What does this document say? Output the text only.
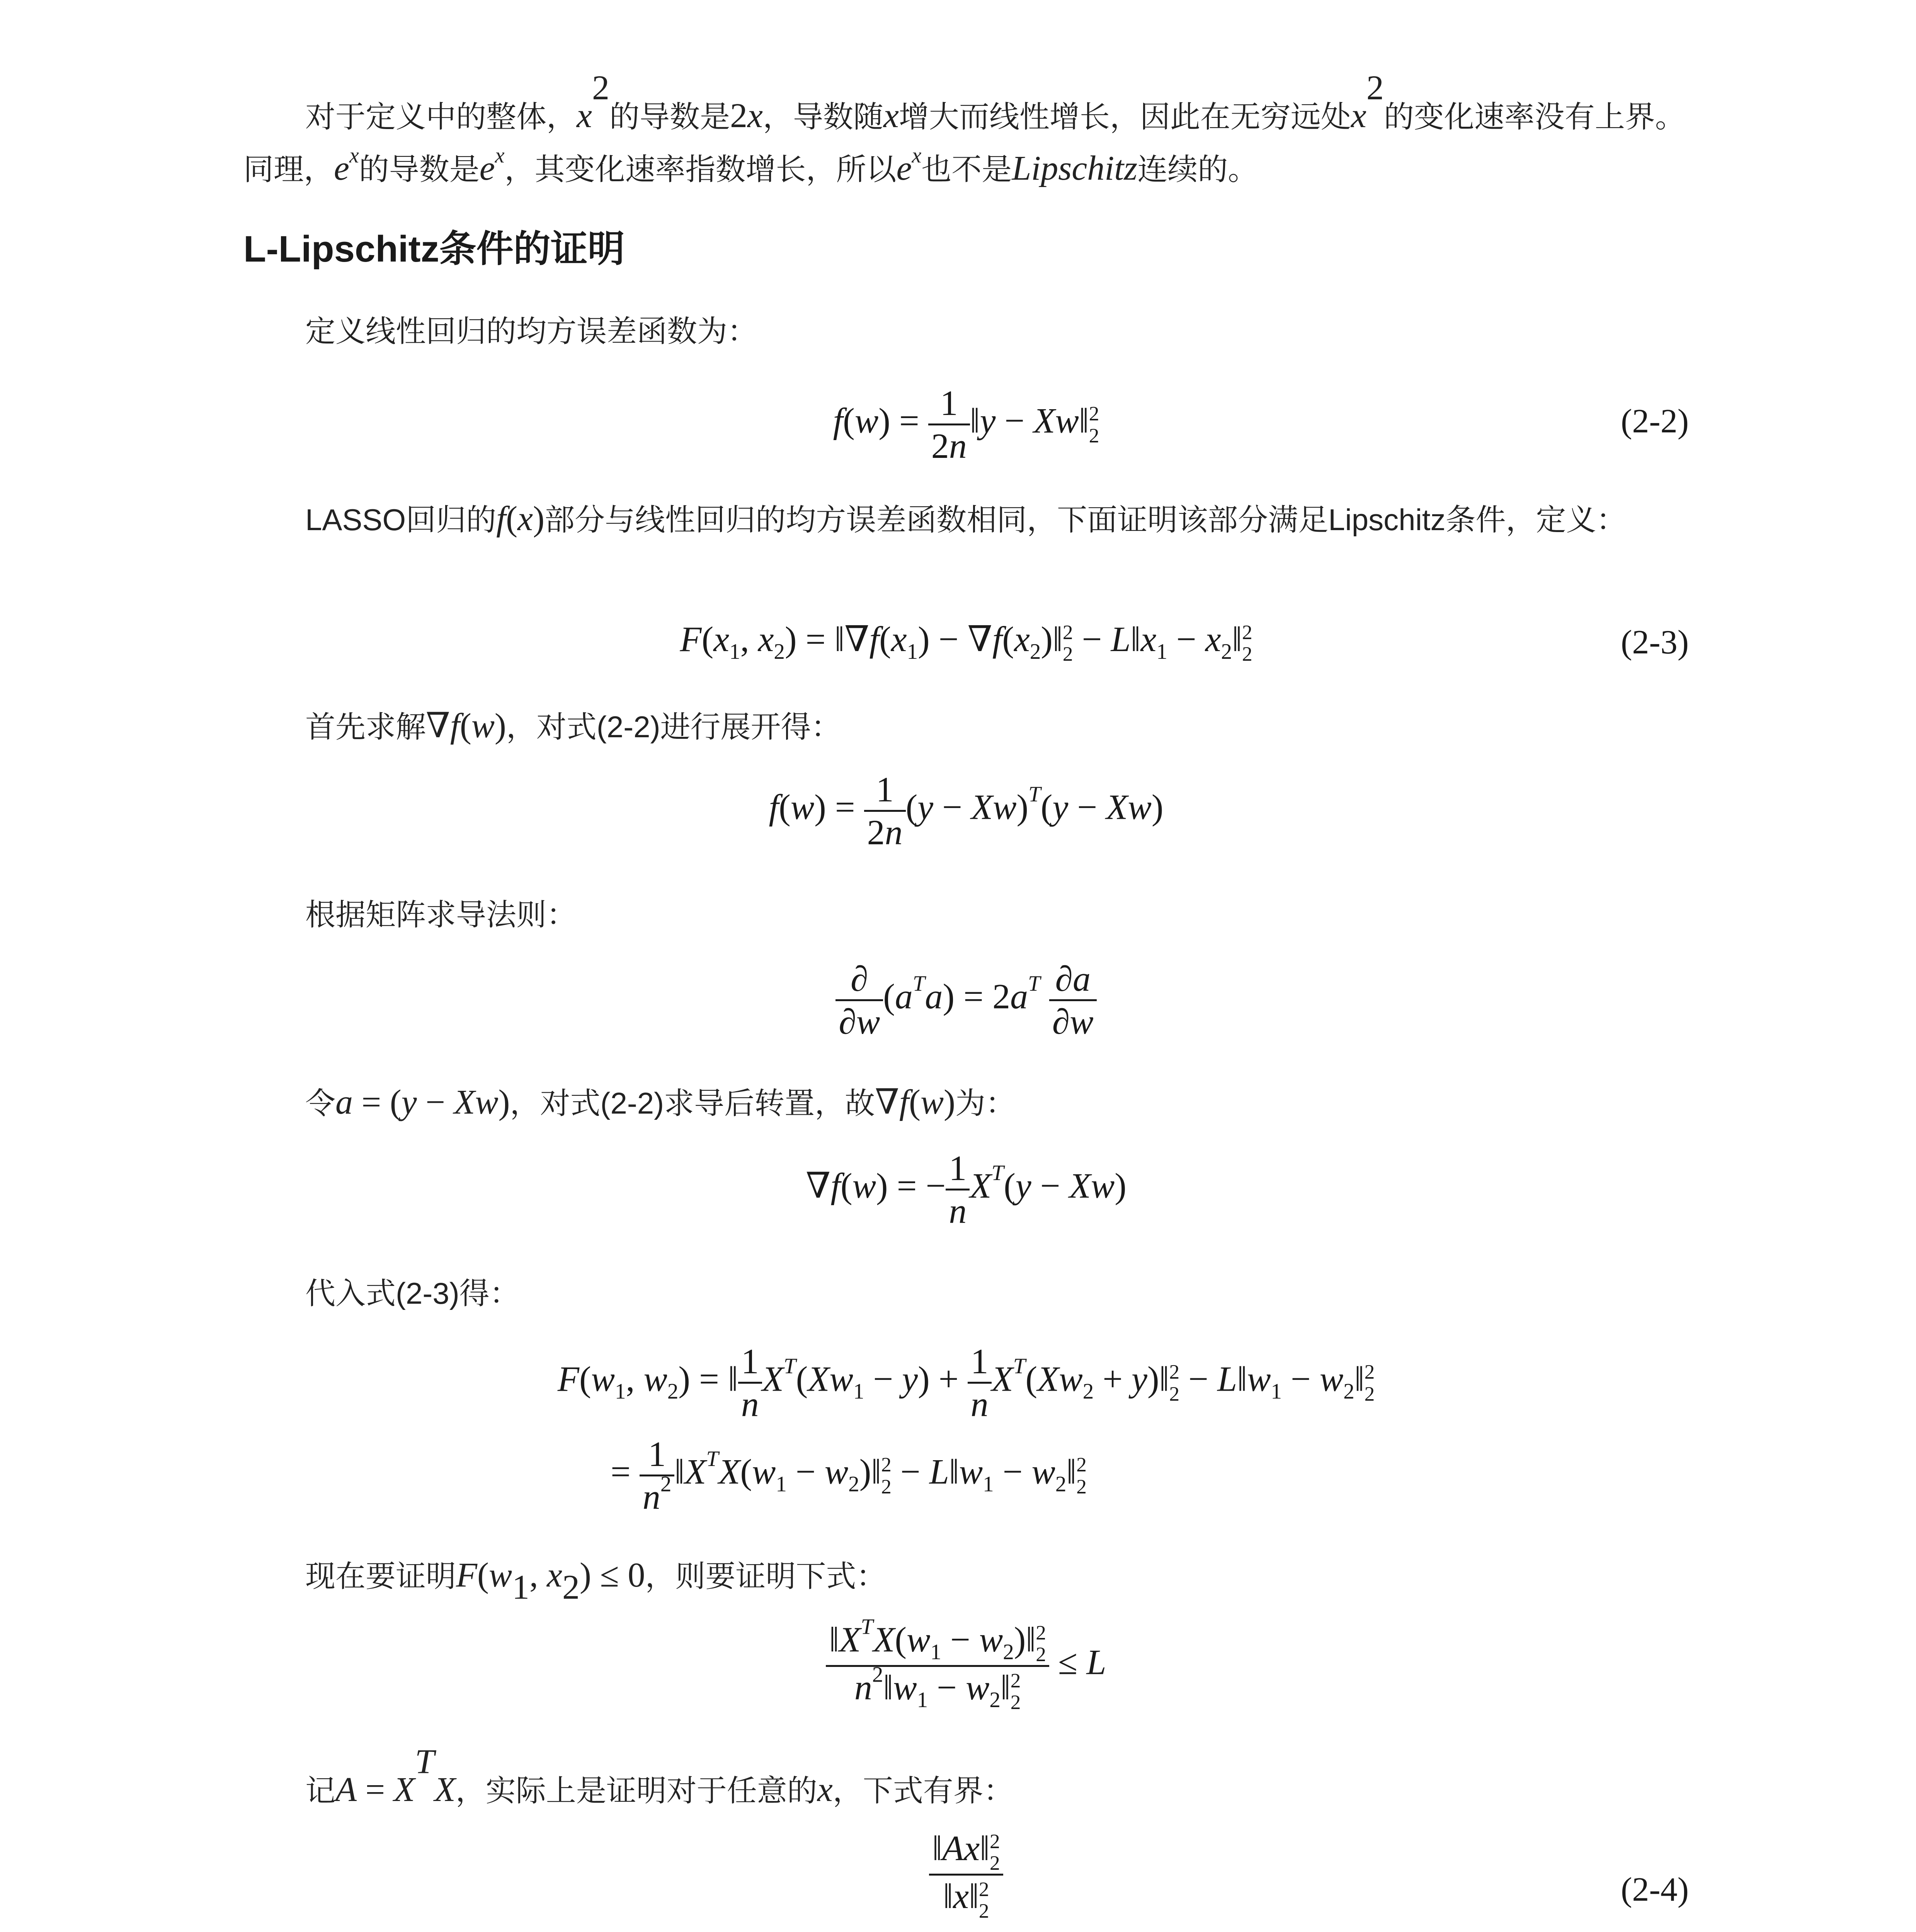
对于定义中的整体，$x^2$的导数是2x，导数随x增大而线性增长，因此在无穷远处$x^2$的变化速率没有上界。同理，$e^x$的导数是$e^x$，其变化速率指数增长，所以$e^x$也不是Lipschitz连续的。

L-Lipschitz条件的证明

定义线性回归的均方误差函数为：

$f(w) = \frac{1}{2n}$ ‖y − Xw‖ 2
2	(2-2)

LASSO回归的f(x)部分与线性回归的均方误差函数相同，下面证明该部分满足Lipschitz条件，定义：

$F(x_1$, $x_2$) = $‖\nabla f(x_1)$ − $\nabla f(x_2)‖$ 2
$2 - L‖x_1$ − $x_2‖$ 2
2	(2-3)

首先求解∇f(w)，对式(2-2)进行展开得：

$f(w) = \frac{1}{2n} (y - Xw)^T(y - Xw)$

根据矩阵求导法则：

$\frac{\partial}{\partial w} (a^Ta) = 2a^T \frac{\partial a}{\partial w}$

令a = (y − Xw)，对式(2-2)求导后转置，故∇f(w)为：

∇f(w) = − $\frac{1}{n} X^T(y - Xw)$

代入式(2-3)得：

$F(w_1$, $w_2$) = ‖ $\frac{1}{n} X^T(Xw_1 - y) + \frac{1}{n} X^T(Xw_2$ + y)‖ 2
$2 - L‖w_1$ − $w_2‖$ 2
2
= $\frac{1}{n^2}$ $‖X^TX(w_1$ − $w_2)‖$ 2
$2 - L‖w_1$ − $w_2‖$ 2
2

现在要证明$F(w_1$, $x_2) \le 0$，则要证明下式：

$‖X^TX(w_1$ − $w_2)‖$ 2
2
$n^2‖w_1$ − $w_2‖$ 2
2 ≤ L

记$A = X^TX$，实际上是证明对于任意的x，下式有界：

‖Ax‖ 2
2
‖x‖ 2
2	(2-4)
